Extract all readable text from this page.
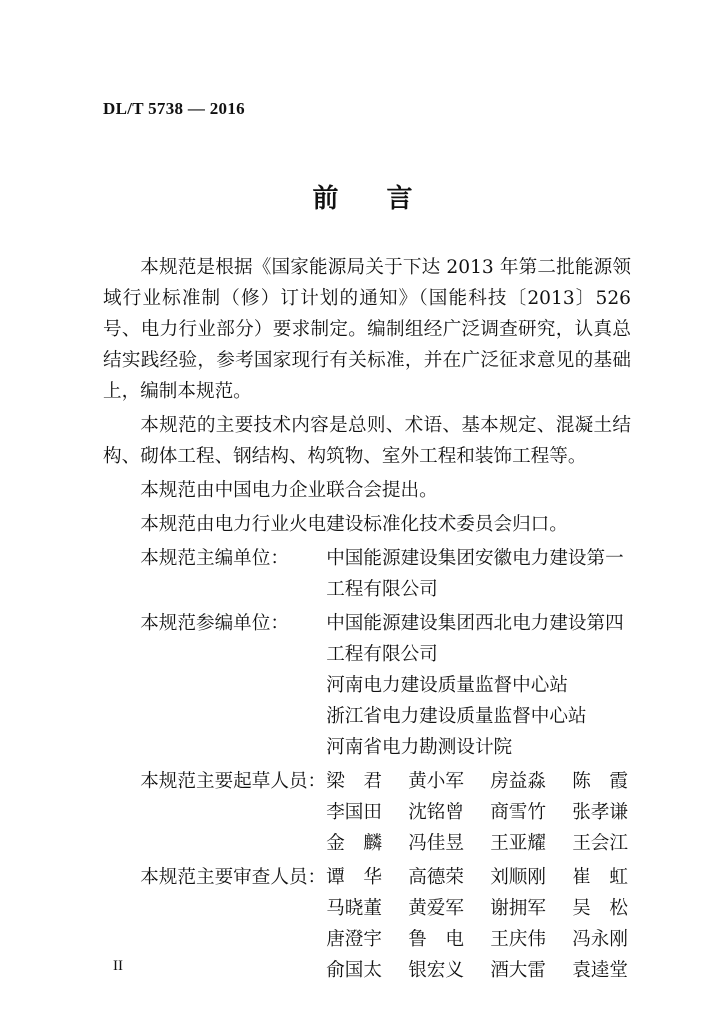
DL/T 5738 — 2016
前 言

本规范是根据《国家能源局关于下达 2013 年第二批能源领域行业标准制（修）订计划的通知》（国能科技〔2013〕526 号、电力行业部分）要求制定。编制组经广泛调查研究，认真总结实践经验，参考国家现行有关标准，并在广泛征求意见的基础上，编制本规范。

本规范的主要技术内容是总则、术语、基本规定、混凝土结构、砌体工程、钢结构、构筑物、室外工程和装饰工程等。

本规范由中国电力企业联合会提出。

本规范由电力行业火电建设标准化技术委员会归口。

本规范主编单位：	中国能源建设集团安徽电力建设第一工程有限公司
本规范参编单位：	中国能源建设集团西北电力建设第四工程有限公司
河南电力建设质量监督中心站
浙江省电力建设质量监督中心站
河南省电力勘测设计院
本规范主要起草人员： 梁　君	黄小军	房益淼	陈　霞
李国田	沈铭曾	商雪竹	张孝谦
金　麟	冯佳昱	王亚耀	王会江
本规范主要审查人员： 谭　华	高德荣	刘顺刚	崔　虹
马晓董	黄爱军	谢拥军	吴　松
唐澄宇	鲁　电	王庆伟	冯永刚
俞国太	银宏义	酒大雷	袁逵堂
II
